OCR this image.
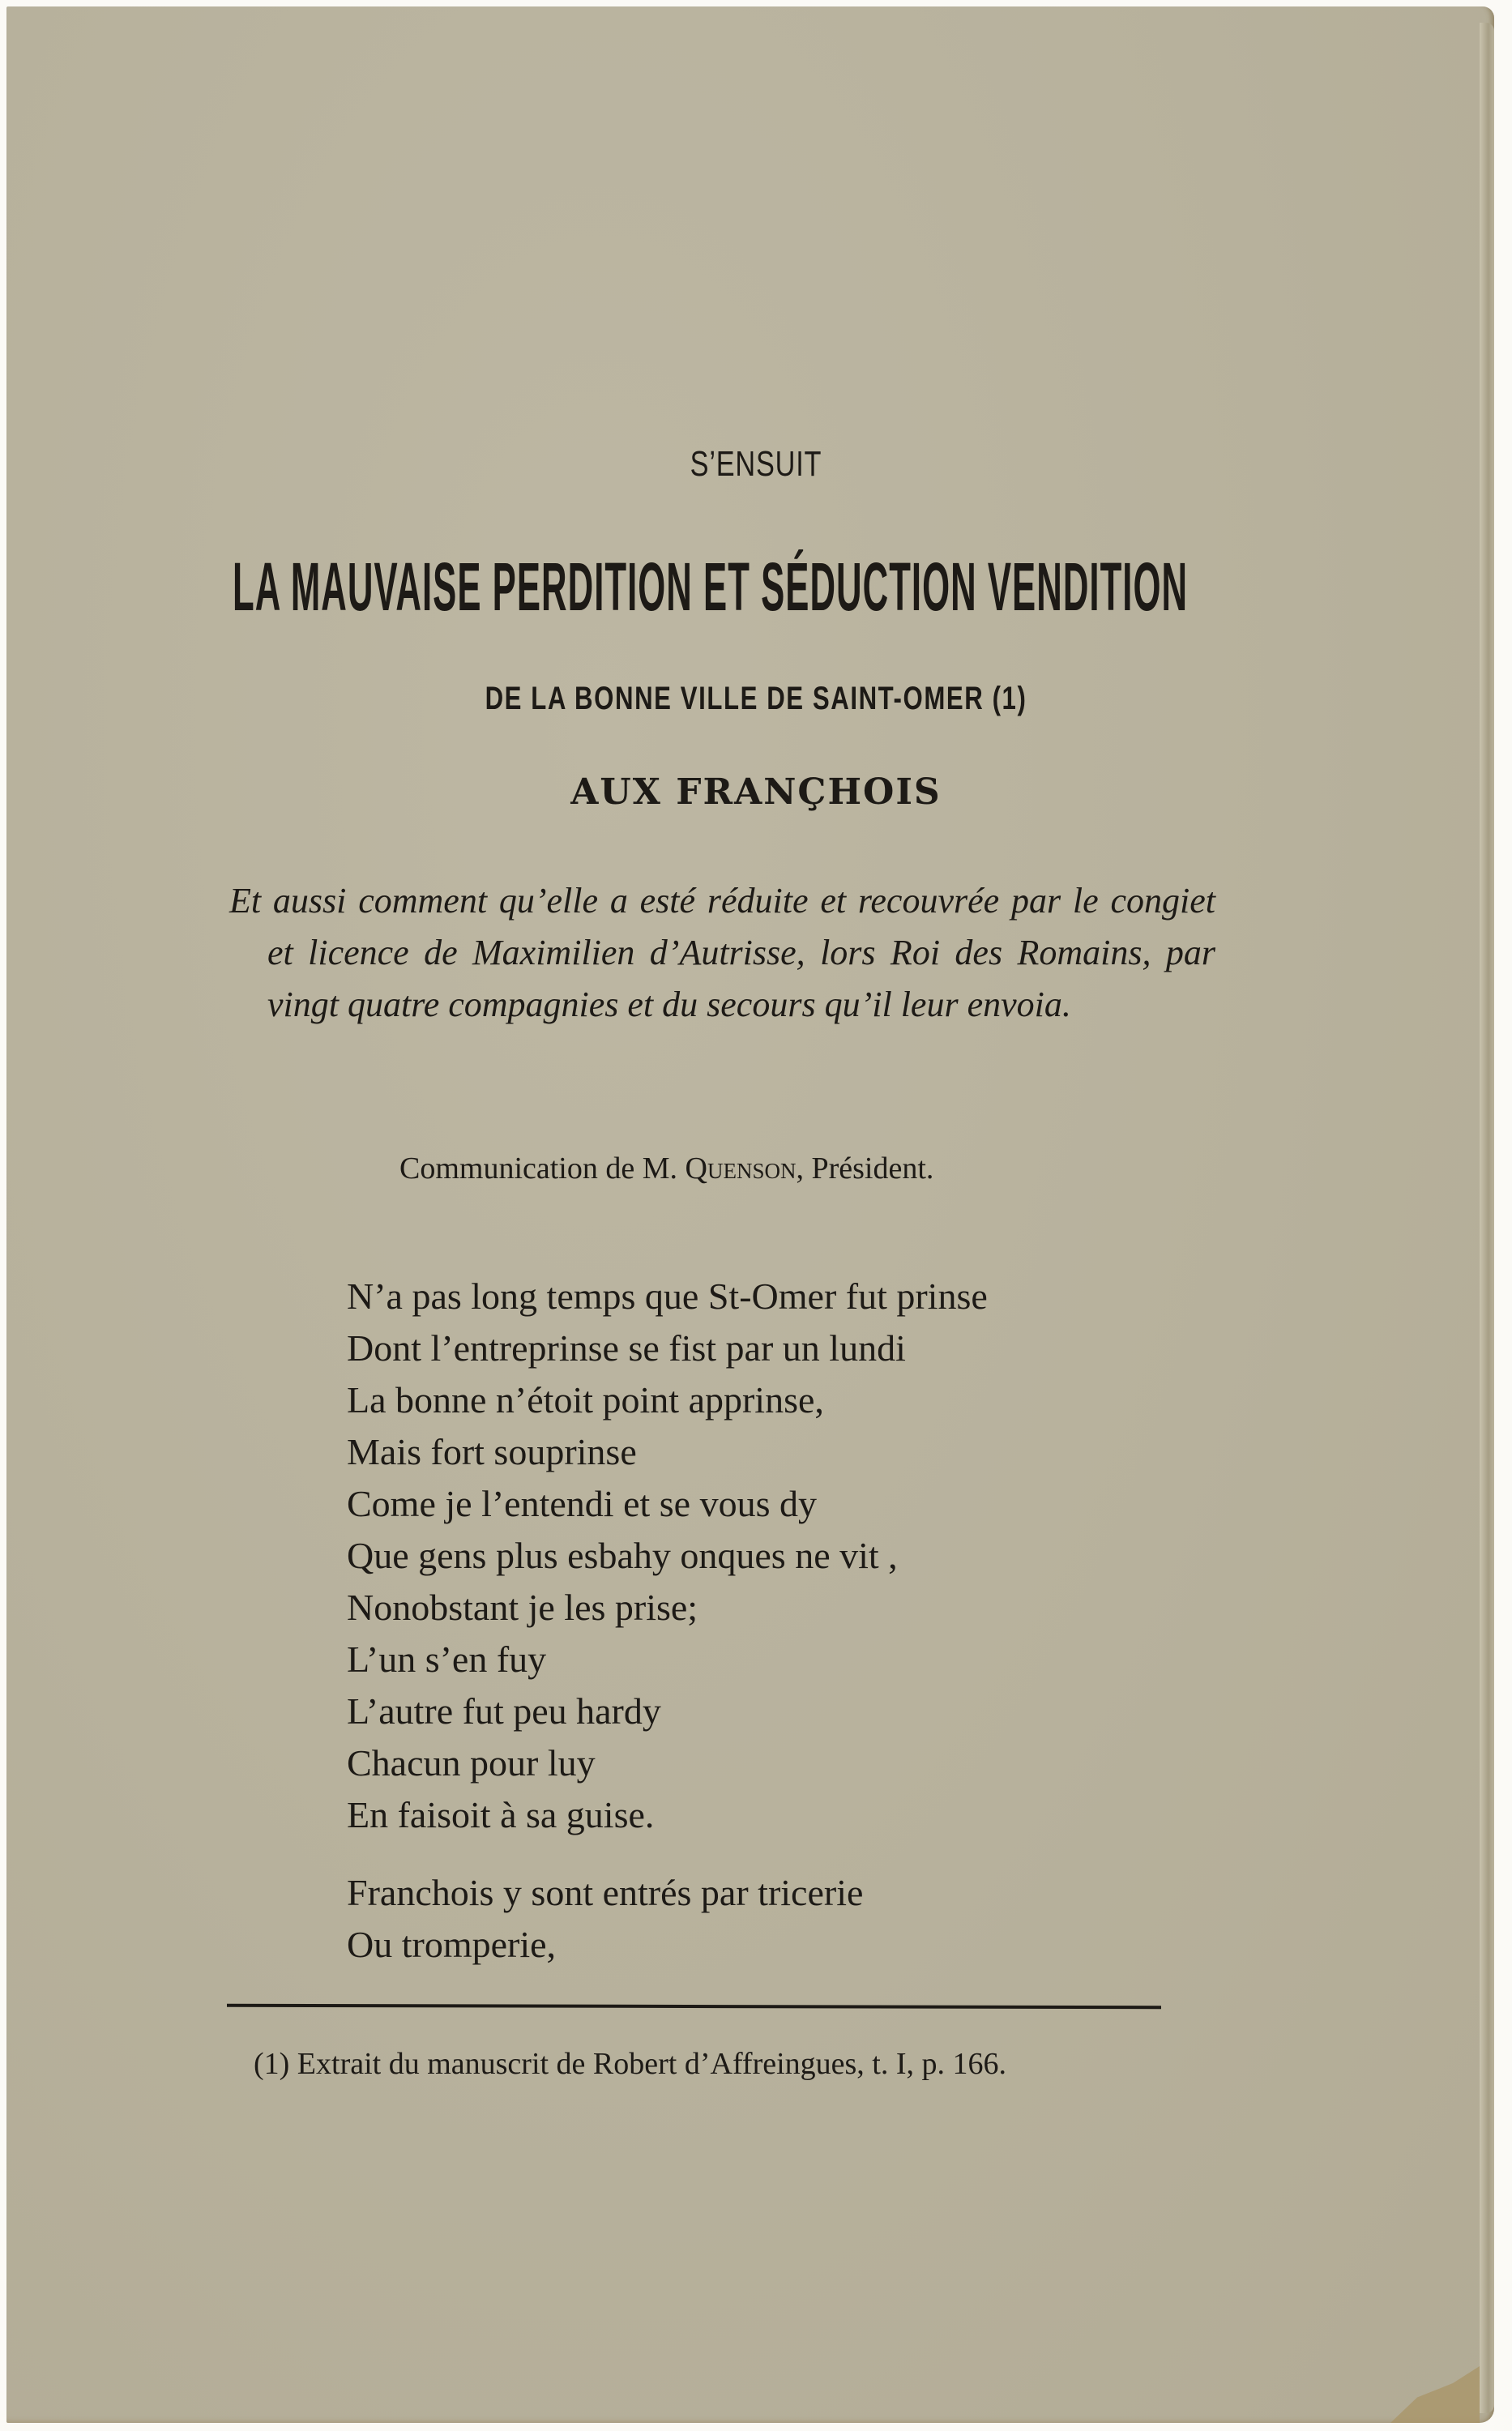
S’ENSUIT
LA MAUVAISE PERDITION ET SÉDUCTION VENDITION
DE LA BONNE VILLE DE SAINT-OMER (1)
AUX FRANÇHOIS
Et aussi comment qu’elle a esté réduite et recouvrée par le congiet et licence de Maximilien d’Autrisse, lors Roi des Romains, par vingt quatre compagnies et du secours qu’il leur envoia.
Communication de M. Quenson, Président.
N’a pas long temps que St-Omer fut prinse
Dont l’entreprinse se fist par un lundi
La bonne n’étoit point apprinse,
Mais fort souprinse
Come je l’entendi et se vous dy
Que gens plus esbahy onques ne vit ,
Nonobstant je les prise;
L’un s’en fuy
L’autre fut peu hardy
Chacun pour luy
En faisoit à sa guise.
Franchois y sont entrés par tricerie
Ou tromperie,
(1) Extrait du manuscrit de Robert d’Affreingues, t. I, p. 166.
